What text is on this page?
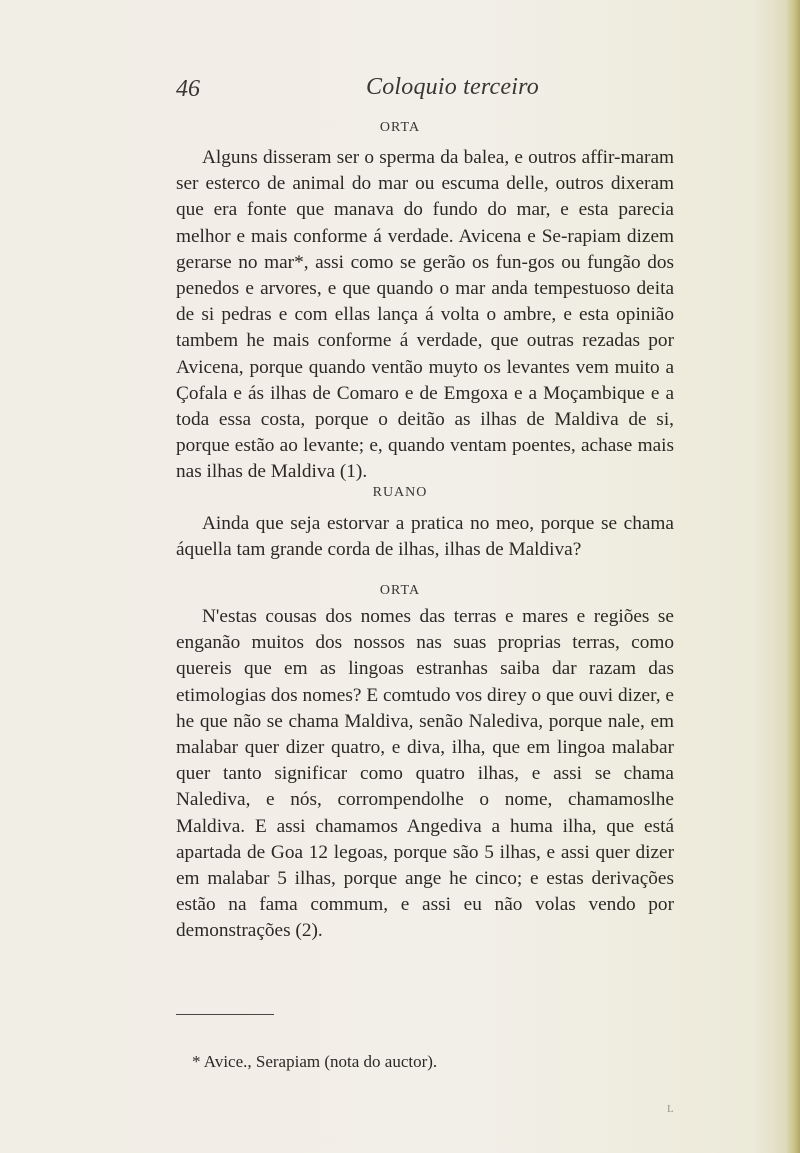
46	Coloquio terceiro
ORTA

Alguns disseram ser o sperma da balea, e outros affir-maram ser esterco de animal do mar ou escuma delle, outros dixeram que era fonte que manava do fundo do mar, e esta parecia melhor e mais conforme á verdade. Avicena e Se-rapiam dizem gerarse no mar*, assi como se gerão os fun-gos ou fungão dos penedos e arvores, e que quando o mar anda tempestuoso deita de si pedras e com ellas lança á volta o ambre, e esta opinião tambem he mais conforme á verdade, que outras rezadas por Avicena, porque quando ventão muyto os levantes vem muito a Çofala e ás ilhas de Comaro e de Emgoxa e a Moçambique e a toda essa costa, porque o deitão as ilhas de Maldiva de si, porque estão ao levante; e, quando ventam poentes, achase mais nas ilhas de Maldiva (1).

RUANO

Ainda que seja estorvar a pratica no meo, porque se chama áquella tam grande corda de ilhas, ilhas de Maldiva?

ORTA

N'estas cousas dos nomes das terras e mares e regiões se enganão muitos dos nossos nas suas proprias terras, como quereis que em as lingoas estranhas saiba dar razam das etimologias dos nomes? E comtudo vos direy o que ouvi dizer, e he que não se chama Maldiva, senão Nalediva, porque nale, em malabar quer dizer quatro, e diva, ilha, que em lingoa malabar quer tanto significar como quatro ilhas, e assi se chama Nalediva, e nós, corrompendolhe o nome, chamamoslhe Maldiva. E assi chamamos Angediva a huma ilha, que está apartada de Goa 12 legoas, porque são 5 ilhas, e assi quer dizer em malabar 5 ilhas, porque ange he cinco; e estas derivações estão na fama commum, e assi eu não volas vendo por demonstrações (2).

* Avice., Serapiam (nota do auctor).
L
